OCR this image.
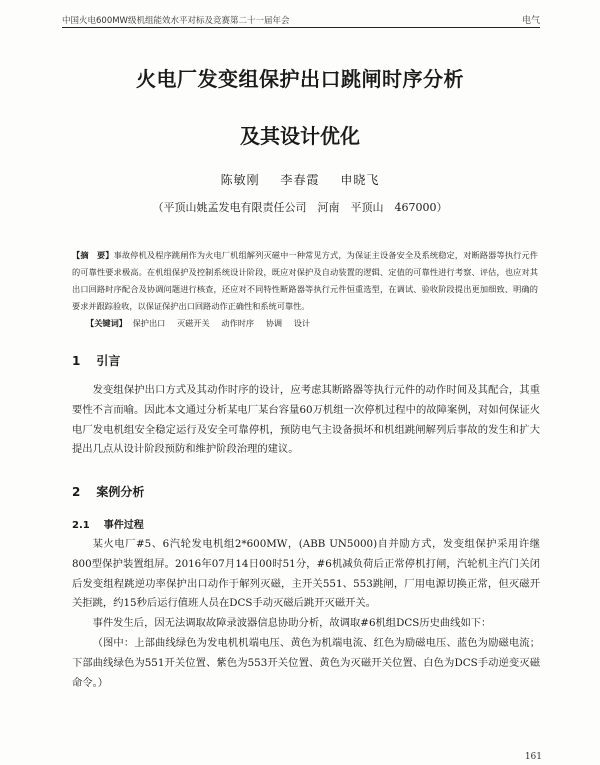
中国火电600MW级机组能效水平对标及竞赛第二十一届年会	电气
火电厂发变组保护出口跳闸时序分析
及其设计优化
陈敏刚 李春霞 申晓飞
（平顶山姚孟发电有限责任公司　河南　平顶山　467000）
【摘　要】事故停机及程序跳闸作为火电厂机组解列灭磁中一种常见方式，为保证主设备安全及系统稳定，对断路器等执行元件的可靠性要求极高。在机组保护及控制系统设计阶段，既应对保护及自动装置的逻辑、定值的可靠性进行考察、评估，也应对其出口回路时序配合及协调问题进行核查，还应对不同特性断路器等执行元件恒重选型，在调试、验收阶段提出更加细致、明确的要求并跟踪验收，以保证保护出口回路动作正确性和系统可靠性。
【关键词】 保护出口 灭磁开关 动作时序 协调 设计
1 引言

发变组保护出口方式及其动作时序的设计，应考虑其断路器等执行元件的动作时间及其配合，其重要性不言而喻。因此本文通过分析某电厂某台容量60万机组一次停机过程中的故障案例，对如何保证火电厂发电机组安全稳定运行及安全可靠停机，预防电气主设备损坏和机组跳闸解列后事故的发生和扩大提出几点从设计阶段预防和维护阶段治理的建议。

2 案例分析
2.1 事件过程

某火电厂#5、6汽轮发电机组2*600MW，(ABB UN5000)自并励方式，发变组保护采用许继800型保护装置组屏。2016年07月14日00时51分，#6机减负荷后正常停机打闸，汽轮机主汽门关闭后发变组程跳逆功率保护出口动作于解列灭磁，主开关551、553跳闸，厂用电源切换正常，但灭磁开关拒跳，约15秒后运行值班人员在DCS手动灭磁后跳开灭磁开关。

事件发生后，因无法调取故障录波器信息协助分析，故调取#6机组DCS历史曲线如下：

（图中：上部曲线绿色为发电机机端电压、黄色为机端电流、红色为励磁电压、蓝色为励磁电流；下部曲线绿色为551开关位置、紫色为553开关位置、黄色为灭磁开关位置、白色为DCS手动逆变灭磁命令。）

161
